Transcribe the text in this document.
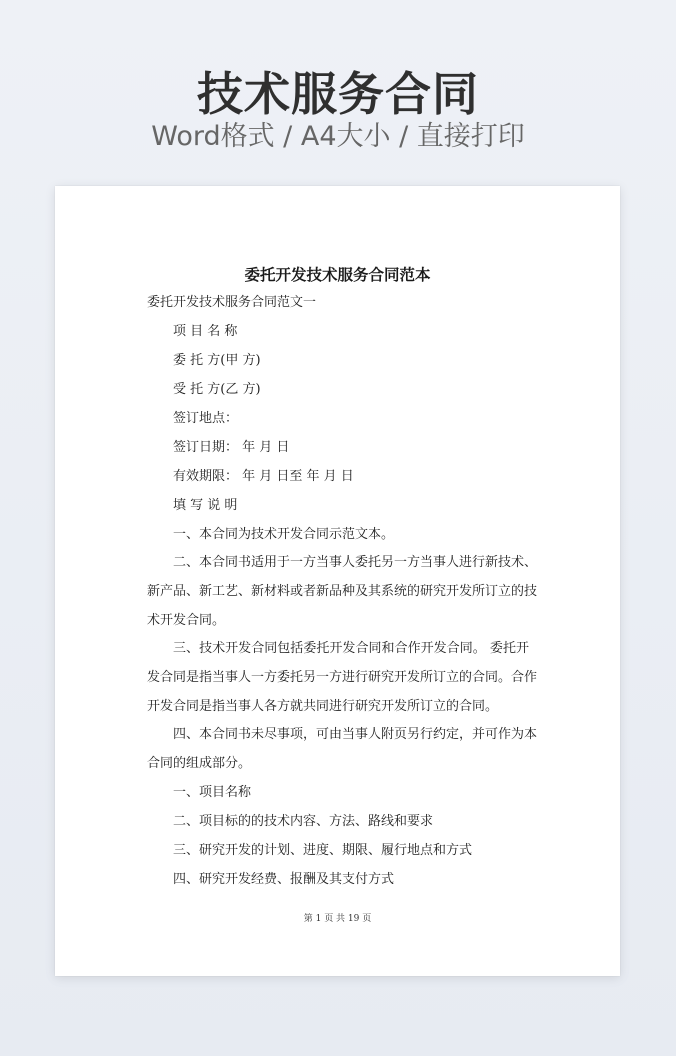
技术服务合同
Word格式 / A4大小 / 直接打印
委托开发技术服务合同范本
委托开发技术服务合同范文一
项 目 名 称
委 托 方(甲 方)
受 托 方(乙 方)
签订地点：
签订日期： 年 月 日
有效期限： 年 月 日至 年 月 日
填 写 说 明
一、本合同为技术开发合同示范文本。
二、本合同书适用于一方当事人委托另一方当事人进行新技术、
新产品、新工艺、新材料或者新品种及其系统的研究开发所订立的技
术开发合同。
三、技术开发合同包括委托开发合同和合作开发合同。 委托开
发合同是指当事人一方委托另一方进行研究开发所订立的合同。合作
开发合同是指当事人各方就共同进行研究开发所订立的合同。
四、本合同书未尽事项，可由当事人附页另行约定，并可作为本
合同的组成部分。
一、项目名称
二、项目标的的技术内容、方法、路线和要求
三、研究开发的计划、进度、期限、履行地点和方式
四、研究开发经费、报酬及其支付方式
第 1 页 共 19 页
